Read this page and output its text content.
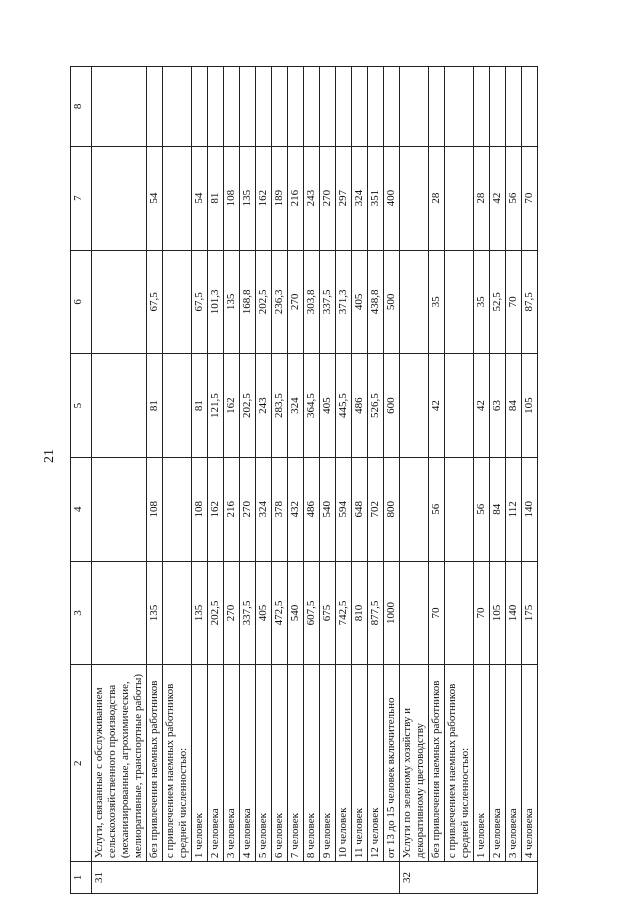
21
1	2	3	4	5	6	7	8
31	Услуги, связанные с обслуживанием сельскохозяйственного производства (механизированные, агрохимические, мелиоративные, транспортные работы)						
	без привлечения наемных работников	135	108	81	67,5	54	
	с привлечением наемных работников средней численностью:						
	1 человек	135	108	81	67,5	54	
	2 человека	202,5	162	121,5	101,3	81	
	3 человека	270	216	162	135	108	
	4 человека	337,5	270	202,5	168,8	135	
	5 человек	405	324	243	202,5	162	
	6 человек	472,5	378	283,5	236,3	189	
	7 человек	540	432	324	270	216	
	8 человек	607,5	486	364,5	303,8	243	
	9 человек	675	540	405	337,5	270	
	10 человек	742,5	594	445,5	371,3	297	
	11 человек	810	648	486	405	324	
	12 человек	877,5	702	526,5	438,8	351	
	от 13 до 15 человек включительно	1000	800	600	500	400	
32	Услуги по зеленому хозяйству и декоративному цветоводству						
	без привлечения наемных работников	70	56	42	35	28	
	с привлечением наемных работников средней численностью:						
	1 человек	70	56	42	35	28	
	2 человека	105	84	63	52,5	42	
	3 человека	140	112	84	70	56	
	4 человека	175	140	105	87,5	70	
